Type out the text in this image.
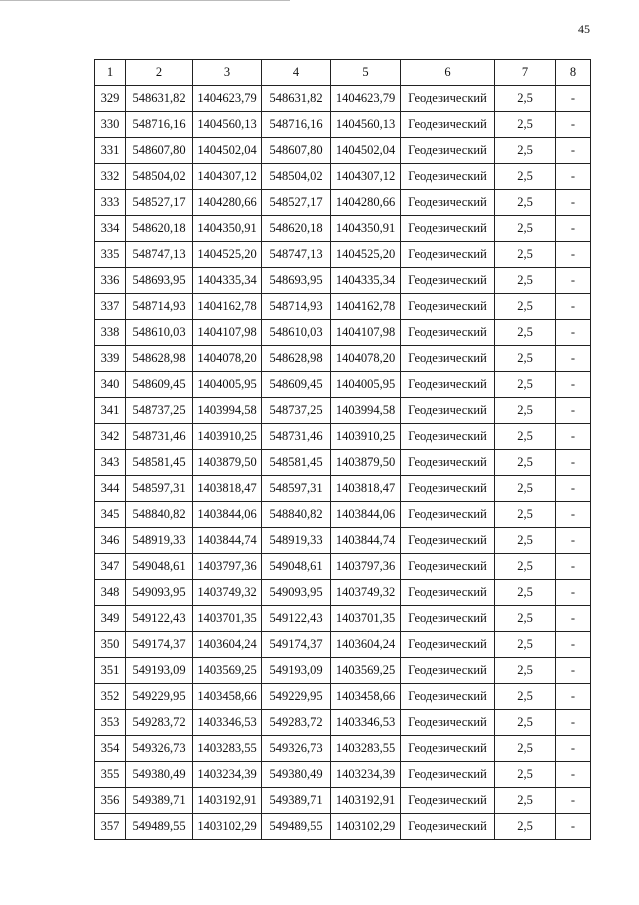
45
1	2	3	4	5	6	7	8
329	548631,82	1404623,79	548631,82	1404623,79	Геодезический	2,5	-
330	548716,16	1404560,13	548716,16	1404560,13	Геодезический	2,5	-
331	548607,80	1404502,04	548607,80	1404502,04	Геодезический	2,5	-
332	548504,02	1404307,12	548504,02	1404307,12	Геодезический	2,5	-
333	548527,17	1404280,66	548527,17	1404280,66	Геодезический	2,5	-
334	548620,18	1404350,91	548620,18	1404350,91	Геодезический	2,5	-
335	548747,13	1404525,20	548747,13	1404525,20	Геодезический	2,5	-
336	548693,95	1404335,34	548693,95	1404335,34	Геодезический	2,5	-
337	548714,93	1404162,78	548714,93	1404162,78	Геодезический	2,5	-
338	548610,03	1404107,98	548610,03	1404107,98	Геодезический	2,5	-
339	548628,98	1404078,20	548628,98	1404078,20	Геодезический	2,5	-
340	548609,45	1404005,95	548609,45	1404005,95	Геодезический	2,5	-
341	548737,25	1403994,58	548737,25	1403994,58	Геодезический	2,5	-
342	548731,46	1403910,25	548731,46	1403910,25	Геодезический	2,5	-
343	548581,45	1403879,50	548581,45	1403879,50	Геодезический	2,5	-
344	548597,31	1403818,47	548597,31	1403818,47	Геодезический	2,5	-
345	548840,82	1403844,06	548840,82	1403844,06	Геодезический	2,5	-
346	548919,33	1403844,74	548919,33	1403844,74	Геодезический	2,5	-
347	549048,61	1403797,36	549048,61	1403797,36	Геодезический	2,5	-
348	549093,95	1403749,32	549093,95	1403749,32	Геодезический	2,5	-
349	549122,43	1403701,35	549122,43	1403701,35	Геодезический	2,5	-
350	549174,37	1403604,24	549174,37	1403604,24	Геодезический	2,5	-
351	549193,09	1403569,25	549193,09	1403569,25	Геодезический	2,5	-
352	549229,95	1403458,66	549229,95	1403458,66	Геодезический	2,5	-
353	549283,72	1403346,53	549283,72	1403346,53	Геодезический	2,5	-
354	549326,73	1403283,55	549326,73	1403283,55	Геодезический	2,5	-
355	549380,49	1403234,39	549380,49	1403234,39	Геодезический	2,5	-
356	549389,71	1403192,91	549389,71	1403192,91	Геодезический	2,5	-
357	549489,55	1403102,29	549489,55	1403102,29	Геодезический	2,5	-
